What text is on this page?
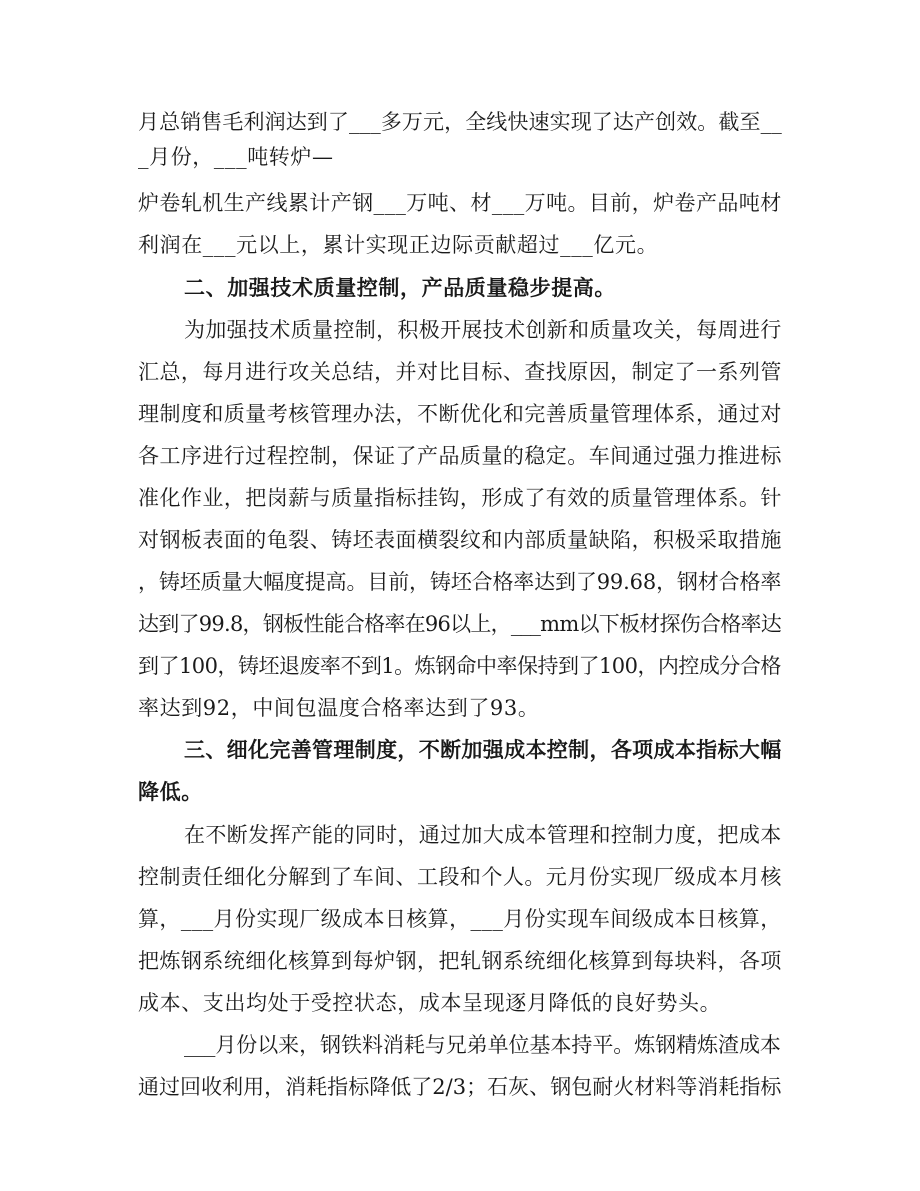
月总销售毛利润达到了___多万元，全线快速实现了达产创效。截至__
_月份，___吨转炉—
炉卷轧机生产线累计产钢___万吨、材___万吨。目前，炉卷产品吨材
利润在___元以上，累计实现正边际贡献超过___亿元。
二、加强技术质量控制，产品质量稳步提高。
为加强技术质量控制，积极开展技术创新和质量攻关，每周进行
汇总，每月进行攻关总结，并对比目标、查找原因，制定了一系列管
理制度和质量考核管理办法，不断优化和完善质量管理体系，通过对
各工序进行过程控制，保证了产品质量的稳定。车间通过强力推进标
准化作业，把岗薪与质量指标挂钩，形成了有效的质量管理体系。针
对钢板表面的龟裂、铸坯表面横裂纹和内部质量缺陷，积极采取措施
，铸坯质量大幅度提高。目前，铸坯合格率达到了99.68，钢材合格率
达到了99.8，钢板性能合格率在96以上，___mm以下板材探伤合格率达
到了100，铸坯退废率不到1。炼钢命中率保持到了100，内控成分合格
率达到92，中间包温度合格率达到了93。
三、细化完善管理制度，不断加强成本控制，各项成本指标大幅
降低。
在不断发挥产能的同时，通过加大成本管理和控制力度，把成本
控制责任细化分解到了车间、工段和个人。元月份实现厂级成本月核
算，___月份实现厂级成本日核算，___月份实现车间级成本日核算，
把炼钢系统细化核算到每炉钢，把轧钢系统细化核算到每块料，各项
成本、支出均处于受控状态，成本呈现逐月降低的良好势头。
___月份以来，钢铁料消耗与兄弟单位基本持平。炼钢精炼渣成本
通过回收利用，消耗指标降低了2/3；石灰、钢包耐火材料等消耗指标
